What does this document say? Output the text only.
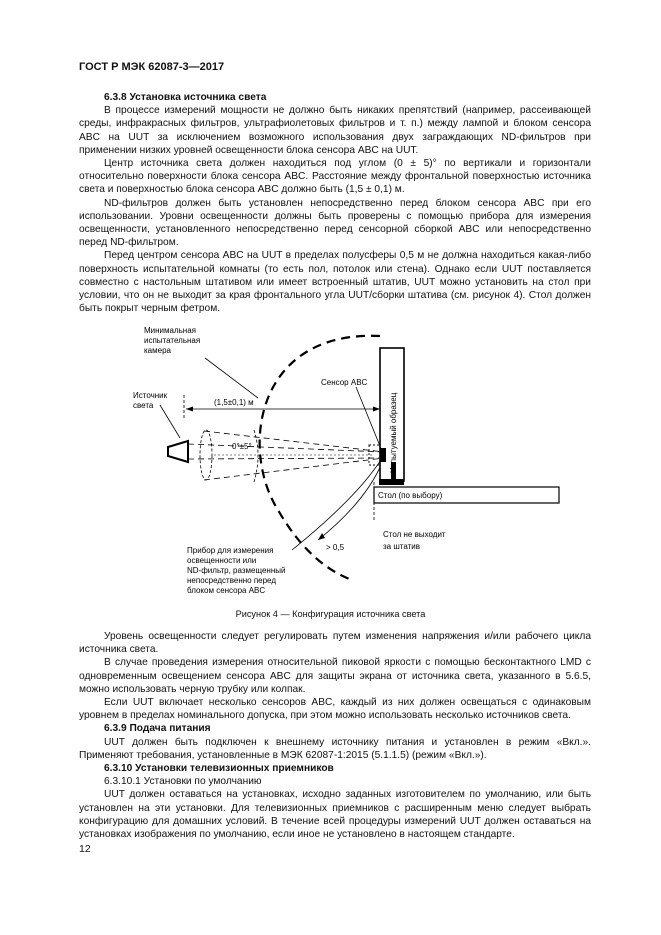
ГОСТ Р МЭК 62087-3—2017

6.3.8 Установка источника света

В процессе измерений мощности не должно быть никаких препятствий (например, рассеивающей среды, инфракрасных фильтров, ультрафиолетовых фильтров и т. п.) между лампой и блоком сенсора ABC на UUT за исключением возможного использования двух заграждающих ND-фильтров при применении низких уровней освещенности блока сенсора ABC на UUT.

Центр источника света должен находиться под углом (0 ± 5)° по вертикали и горизонтали относительно поверхности блока сенсора ABC. Расстояние между фронтальной поверхностью источника света и поверхностью блока сенсора ABC должно быть (1,5 ± 0,1) м.

ND-фильтров должен быть установлен непосредственно перед блоком сенсора ABC при его использовании. Уровни освещенности должны быть проверены с помощью прибора для измерения освещенности, установленного непосредственно перед сенсорной сборкой ABC или непосредственно перед ND-фильтром.

Перед центром сенсора ABC на UUT в пределах полусферы 0,5 м не должна находиться какая-либо поверхность испытательной комнаты (то есть пол, потолок или стена). Однако если UUT поставляется совместно с настольным штативом или имеет встроенный штатив, UUT можно установить на стол при условии, что он не выходит за края фронтального угла UUT/сборки штатива (см. рисунок 4). Стол должен быть покрыт черным фетром.

Минимальная
испытательная
камера
Источник
света	(1,5±0,1) м
0°±5°
Сенсор ABC
Испытуемый образец
Стол (по выбору)
> 0,5
Стол не выходит
за штатив
Прибор для измерения
освещенности или
ND-фильтр, размещенный
непосредственно перед
блоком сенсора ABC
Рисунок 4 — Конфигурация источника света

Уровень освещенности следует регулировать путем изменения напряжения и/или рабочего цикла источника света.

В случае проведения измерения относительной пиковой яркости с помощью бесконтактного LMD с одновременным освещением сенсора ABC для защиты экрана от источника света, указанного в 5.6.5, можно использовать черную трубку или колпак.

Если UUT включает несколько сенсоров ABC, каждый из них должен освещаться с одинаковым уровнем в пределах номинального допуска, при этом можно использовать несколько источников света.

6.3.9 Подача питания

UUT должен быть подключен к внешнему источнику питания и установлен в режим «Вкл.». Применяют требования, установленные в МЭК 62087-1:2015 (5.1.1.5) (режим «Вкл.»).

6.3.10 Установки телевизионных приемников

6.3.10.1 Установки по умолчанию

UUT должен оставаться на установках, исходно заданных изготовителем по умолчанию, или быть установлен на эти установки. Для телевизионных приемников с расширенным меню следует выбрать конфигурацию для домашних условий. В течение всей процедуры измерений UUT должен оставаться на установках изображения по умолчанию, если иное не установлено в настоящем стандарте.

12
